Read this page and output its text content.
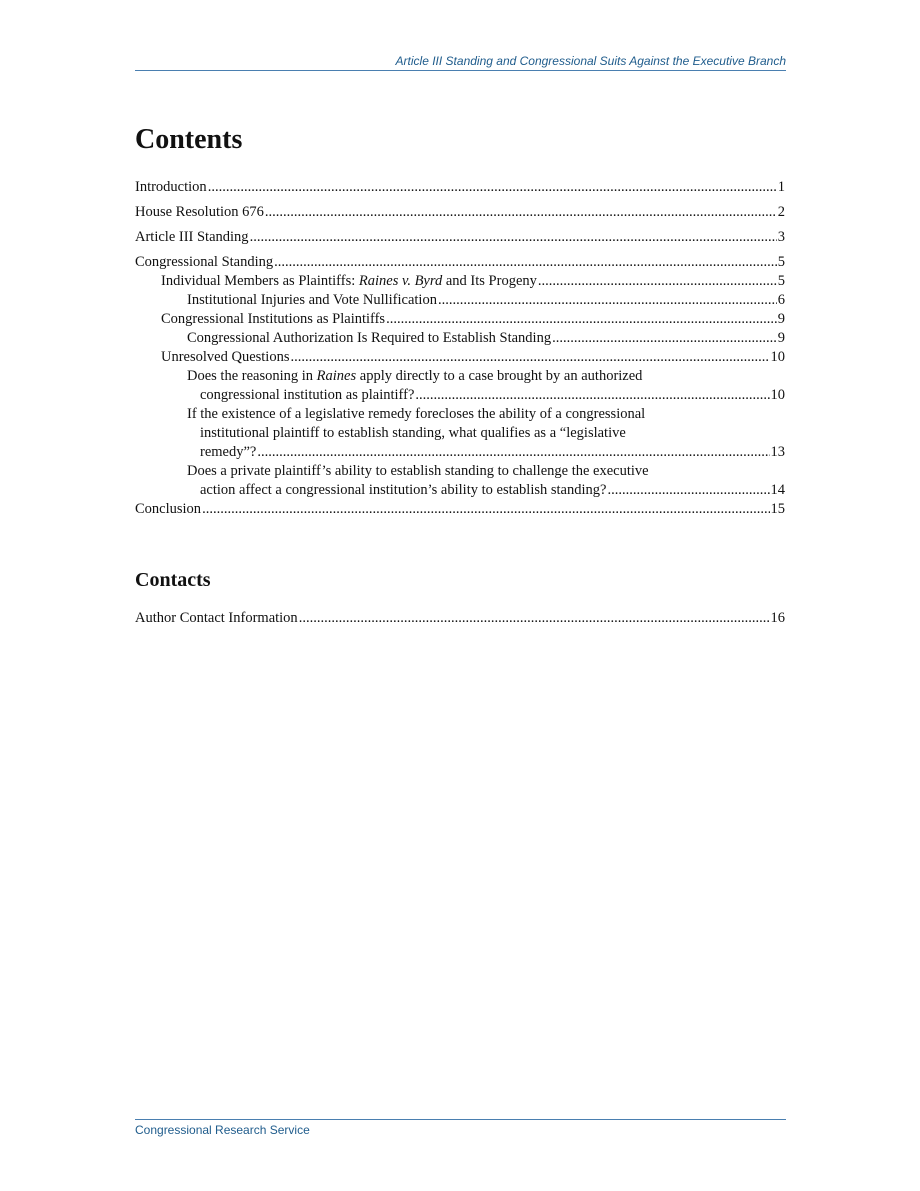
Article III Standing and Congressional Suits Against the Executive Branch
Contents
Introduction .....	1
House Resolution 676 .....	2
Article III Standing .....	3
Congressional Standing .....	5
Individual Members as Plaintiffs: Raines v. Byrd and Its Progeny .....	5
Institutional Injuries and Vote Nullification .....	6
Congressional Institutions as Plaintiffs .....	9
Congressional Authorization Is Required to Establish Standing .....	9
Unresolved Questions .....	10
Does the reasoning in Raines apply directly to a case brought by an authorized
congressional institution as plaintiff? .....	10
If the existence of a legislative remedy forecloses the ability of a congressional
institutional plaintiff to establish standing, what qualifies as a “legislative
remedy”? .....	13
Does a private plaintiff’s ability to establish standing to challenge the executive
action affect a congressional institution’s ability to establish standing? .....	14
Conclusion .....	15
Contacts
Author Contact Information .....	16
Congressional Research Service
